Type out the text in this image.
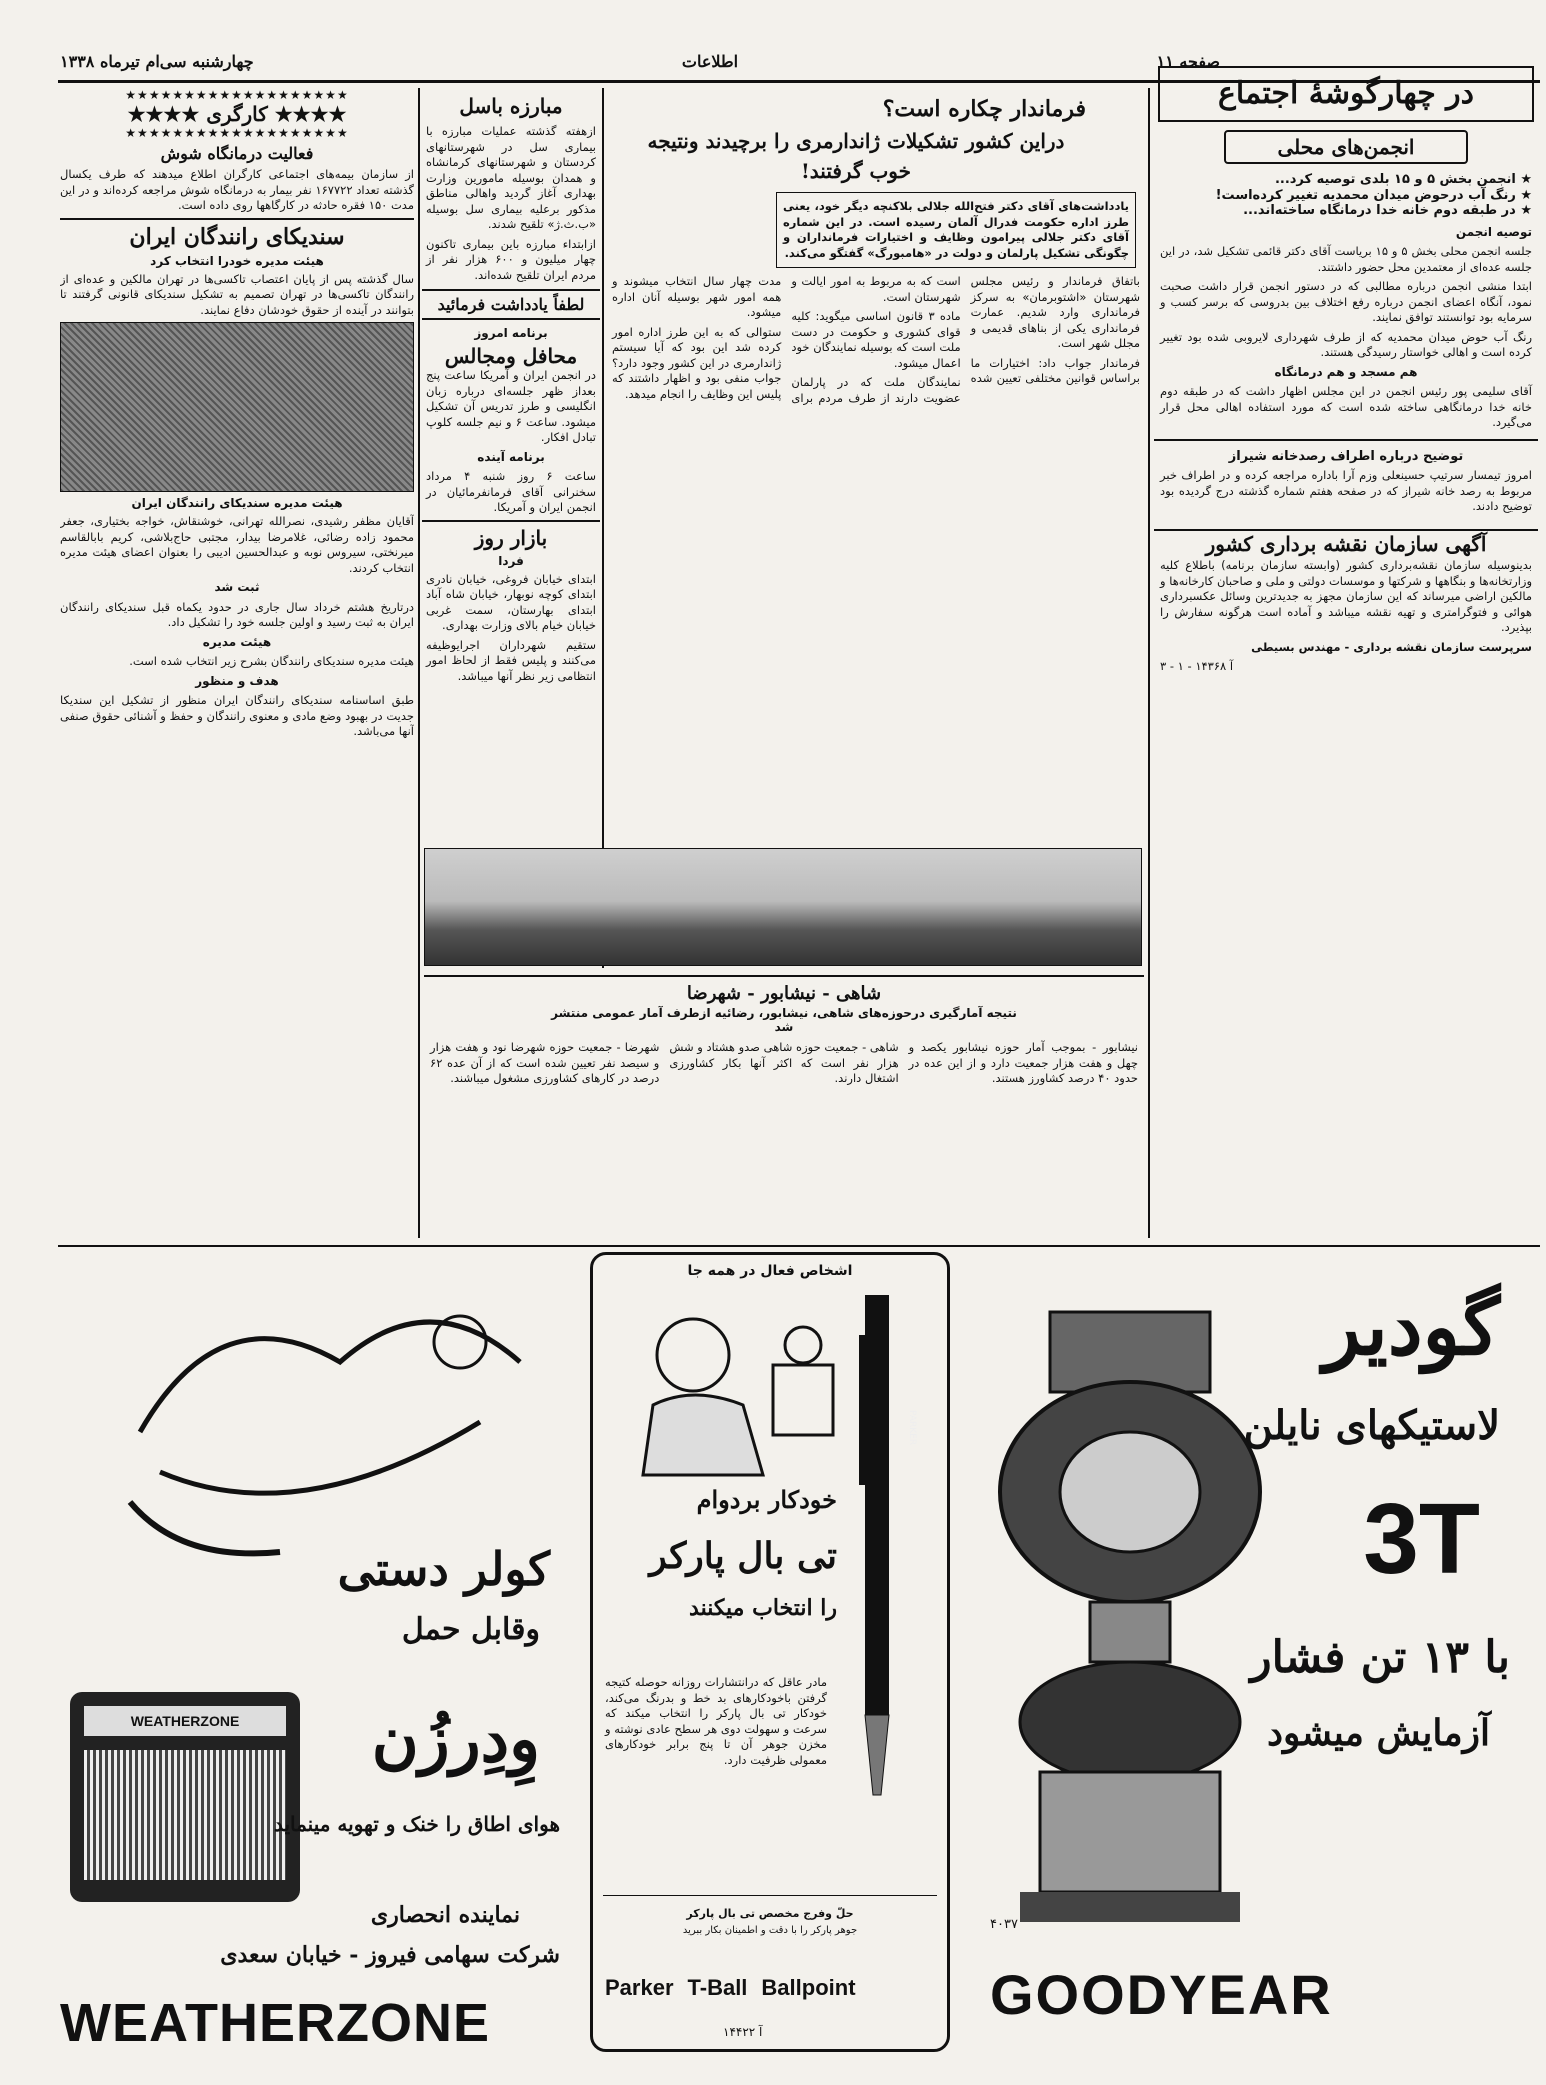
صفحه ۱۱
اطلاعات
چهارشنبه سی‌ام تیرماه ۱۳۳۸
در چهارگوشهٔ اجتماع
انجمن‌های محلی
★ انجمن بخش ۵ و ۱۵ بلدی توصیه کرد...
★ رنگ آب درحوض میدان محمدیه تغییر کرده‌است!
★ در طبقه دوم خانه خدا درمانگاه ساخته‌اند...

توصیه انجمن

جلسه انجمن محلی بخش ۵ و ۱۵ بریاست آقای دکتر قائمی تشکیل شد، در این جلسه عده‌ای از معتمدین محل حضور داشتند.

ابتدا منشی انجمن درباره مطالبی که در دستور انجمن قرار داشت صحبت نمود، آنگاه اعضای انجمن درباره رفع اختلاف بین بدروسی که برسر کسب و سرمایه بود توانستند توافق نمایند.

رنگ آب حوض میدان محمدیه که از طرف شهرداری لایروبی شده بود تغییر کرده است و اهالی خواستار رسیدگی هستند.

هم مسجد و هم درمانگاه

آقای سلیمی پور رئیس انجمن در این مجلس اظهار داشت که در طبقه دوم خانه خدا درمانگاهی ساخته شده است که مورد استفاده اهالی محل قرار می‌گیرد.

توضیح درباره اطراف رصدخانه شیراز

امروز تیمسار سرتیپ حسینعلی وزم آرا باداره مراجعه کرده و در اطراف خبر مربوط به رصد خانه شیراز که در صفحه هفتم شماره گذشته درج گردیده بود توضیح دادند.

آگهی سازمان نقشه برداری کشور

بدینوسیله سازمان نقشه‌برداری کشور (وابسته سازمان برنامه) باطلاع کلیه وزارتخانه‌ها و بنگاهها و شرکتها و موسسات دولتی و ملی و صاحبان کارخانه‌ها و مالکین اراضی میرساند که این سازمان مجهز به جدیدترین وسائل عکسبرداری هوائی و فتوگرامتری و تهیه نقشه میباشد و آماده است هرگونه سفارش را بپذیرد.

سرپرست سازمان نقشه برداری - مهندس بسیطی

آ ۱۴۳۶۸ - ۱ - ۳

فرماندار چکاره است؟
دراین کشور تشکیلات ژاندارمری را برچیدند ونتیجه خوب گرفتند!
یادداشت‌های آقای دکتر فتح‌الله جلالی بلاکنچه دیگر خود، یعنی طرز اداره حکومت فدرال آلمان رسیده است. در این شماره آقای دکتر جلالی پیرامون وظایف و اختیارات فرمانداران و چگونگی تشکیل پارلمان و دولت در «هامبورگ» گفتگو می‌کند.

باتفاق فرماندار و رئیس مجلس شهرستان «اشتوبرمان» به سرکز فرمانداری وارد شدیم. عمارت فرمانداری یکی از بناهای قدیمی و مجلل شهر است.

فرماندار جواب داد: اختیارات ما براساس قوانین مختلفی تعیین شده است که به مربوط به امور ایالت و شهرستان است.

ماده ۳ قانون اساسی میگوید: کلیه قوای کشوری و حکومت در دست ملت است که بوسیله نمایندگان خود اعمال میشود.

نمایندگان ملت که در پارلمان عضویت دارند از طرف مردم برای مدت چهار سال انتخاب میشوند و همه امور شهر بوسیله آنان اداره میشود.

ستوالی که به این طرز اداره امور کرده شد این بود که آیا سیستم ژاندارمری در این کشور وجود دارد؟ جواب منفی بود و اظهار داشتند که پلیس این وظایف را انجام میدهد.

شاهی - نیشابور - شهرضا
نتیجه آمارگیری درحوزه‌های شاهی، نیشابور، رضائیه ازطرف آمار عمومی منتشر شد

نیشابور - بموجب آمار حوزه نیشابور یکصد و چهل و هفت هزار جمعیت دارد و از این عده در حدود ۴۰ درصد کشاورز هستند.

شاهی - جمعیت حوزه شاهی صدو هشتاد و شش هزار نفر است که اکثر آنها بکار کشاورزی اشتغال دارند.

شهرضا - جمعیت حوزه شهرضا نود و هفت هزار و سیصد نفر تعیین شده است که از آن عده ۶۲ درصد در کارهای کشاورزی مشغول میباشند.

مبارزه باسل

ازهفته گذشته عملیات مبارزه با بیماری سل در شهرستانهای کردستان و شهرستانهای کرمانشاه و همدان بوسیله مامورین وزارت بهداری آغاز گردید واهالی مناطق مذکور برعلیه بیماری سل بوسیله «ب.ث.ژ» تلقیح شدند.

ازابتداء مبارزه باین بیماری تاکنون چهار میلیون و ۶۰۰ هزار نفر از مردم ایران تلقیح شده‌اند.

لطفاً یادداشت فرمائید
برنامه امروز
محافل ومجالس

در انجمن ایران و آمریکا ساعت پنج بعداز ظهر جلسه‌ای درباره زبان انگلیسی و طرز تدریس آن تشکیل میشود. ساعت ۶ و نیم جلسه کلوپ تبادل افکار.

برنامه آینده

ساعت ۶ روز شنبه ۴ مرداد سخنرانی آقای فرمانفرمائیان در انجمن ایران و آمریکا.

بازار روز
فردا

ابتدای خیابان فروغی، خیابان نادری ابتدای کوچه نوبهار، خیابان شاه آباد ابتدای بهارستان، سمت غربی خیابان خیام بالای وزارت بهداری.

ستقیم شهرداران اجرایوظیفه می‌کنند و پلیس فقط از لحاظ امور انتظامی زیر نظر آنها میباشد.

★★★★★★★★★★★★★★★★★★★
★★★★ کارگری ★★★★
★★★★★★★★★★★★★★★★★★★
فعالیت درمانگاه شوش

از سازمان بیمه‌های اجتماعی کارگران اطلاع میدهند که طرف یکسال گذشته تعداد ۱۶۷۷۲۲ نفر بیمار به درمانگاه شوش مراجعه کرده‌اند و در این مدت ۱۵۰ فقره حادثه در کارگاهها روی داده است.

سندیکای رانندگان ایران
هیئت مدیره خودرا انتخاب کرد

سال گذشته پس از پایان اعتصاب تاکسی‌ها در تهران مالکین و عده‌ای از رانندگان تاکسی‌ها در تهران تصمیم به تشکیل سندیکای قانونی گرفتند تا بتوانند در آینده از حقوق خودشان دفاع نمایند.

هیئت مدیره سندیکای رانندگان ایران

آقایان مظفر رشیدی، نصرالله تهرانی، خوشنقاش، خواجه بختیاری، جعفر محمود زاده رضائی، غلامرضا بیدار، مجتبی حاج‌بلاشی، کریم بابالقاسم میرنختی، سیروس نوبه و عبدالحسین ادیبی را بعنوان اعضای هیئت مدیره انتخاب کردند.

ثبت شد

درتاریخ هشتم خرداد سال جاری در حدود یکماه قبل سندیکای رانندگان ایران به ثبت رسید و اولین جلسه خود را تشکیل داد.

هیئت مدیره

هیئت مدیره سندیکای رانندگان بشرح زیر انتخاب شده است.

هدف و منظور

طبق اساسنامه سندیکای رانندگان ایران منظور از تشکیل این سندیکا جدیت در بهبود وضع مادی و معنوی رانندگان و حفظ و آشنائی حقوق صنفی آنها می‌باشد.

گودیر
لاستیکهای نایلن
3T
با ۱۳ تن فشار
آزمایش میشود
۴۰۳۷
GOODYEAR
اشخاص فعال در همه جا
خودکار بردوام
تی بال پارکر
را انتخاب میکنند
PARKER
مادر عاقل که درانتشارات روزانه حوصله کتیجه گرفتن باخودکارهای بد خط و بدرنگ می‌کند، خودکار تی بال پارکر را انتخاب میکند که سرعت و سهولت دوی هر سطح عادی نوشته و مخزن جوهر آن تا پنج برابر خودکارهای معمولی ظرفیت دارد.
حلّ وفرج مخصص تی بال پارکر
جوهر پارکر را با دقت و اطمینان بکار ببرید
Parker T-Ball Ballpoint
آ ۱۴۴۲۲
کولر دستی
وقابل حمل
WEATHERZONE	وِدِرزُن
هوای اطاق را خنک و تهویه مینماید
نماینده انحصاری
شرکت سهامی فیروز - خیابان سعدی
WEATHERZONE
